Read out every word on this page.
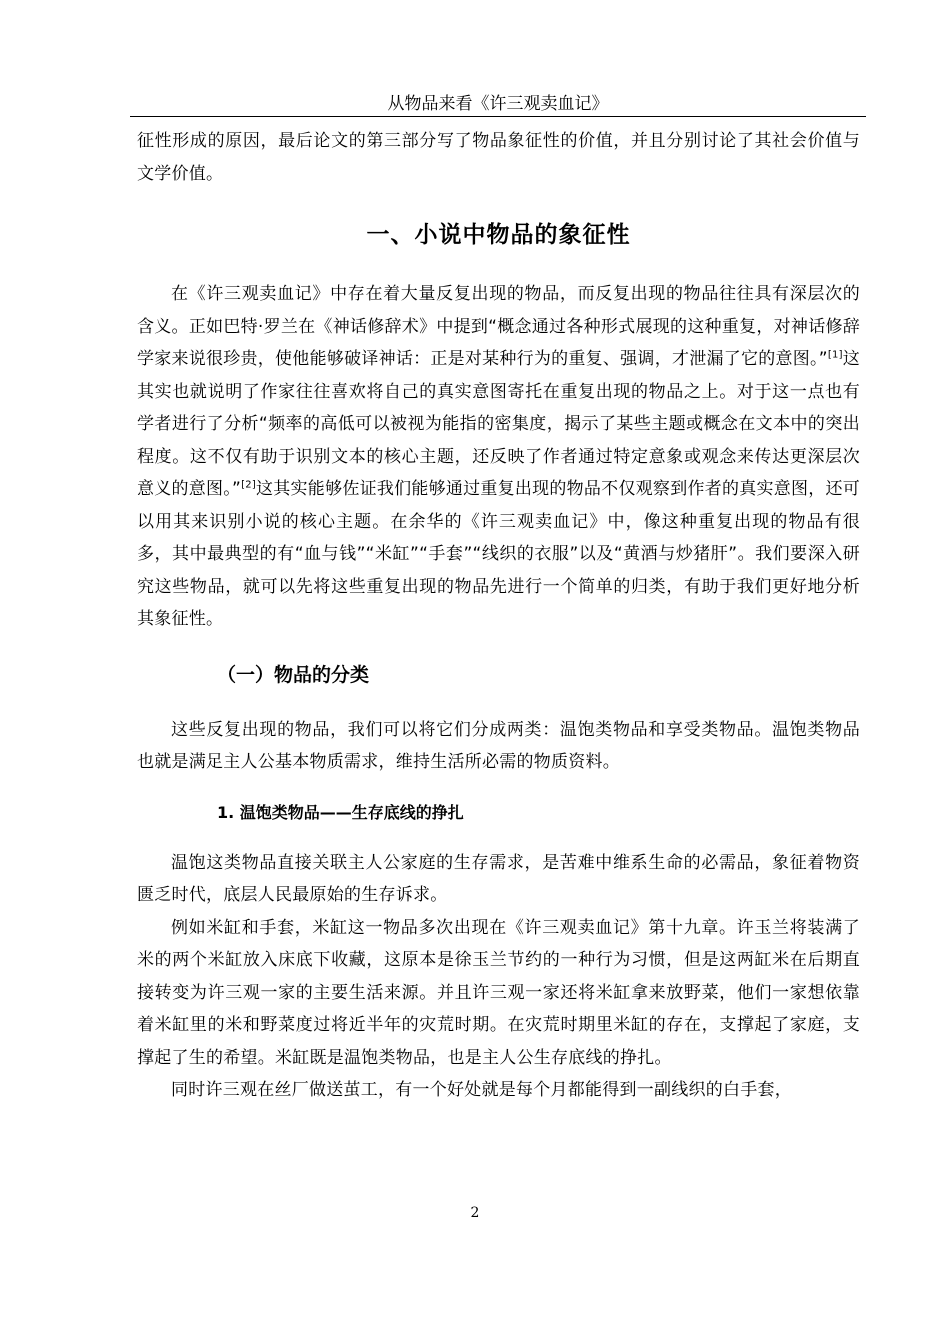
从物品来看《许三观卖血记》

征性形成的原因，最后论文的第三部分写了物品象征性的价值，并且分别讨论了其社会价值与文学价值。

一、小说中物品的象征性

在《许三观卖血记》中存在着大量反复出现的物品，而反复出现的物品往往具有深层次的含义。正如巴特·罗兰在《神话修辞术》中提到“概念通过各种形式展现的这种重复，对神话修辞学家来说很珍贵，使他能够破译神话：正是对某种行为的重复、强调，才泄漏了它的意图。”[1]这其实也就说明了作家往往喜欢将自己的真实意图寄托在重复出现的物品之上。对于这一点也有学者进行了分析“频率的高低可以被视为能指的密集度，揭示了某些主题或概念在文本中的突出程度。这不仅有助于识别文本的核心主题，还反映了作者通过特定意象或观念来传达更深层次意义的意图。”[2]这其实能够佐证我们能够通过重复出现的物品不仅观察到作者的真实意图，还可以用其来识别小说的核心主题。在余华的《许三观卖血记》中，像这种重复出现的物品有很多，其中最典型的有“血与钱”“米缸”“手套”“线织的衣服”以及“黄酒与炒猪肝”。我们要深入研究这些物品，就可以先将这些重复出现的物品先进行一个简单的归类，有助于我们更好地分析其象征性。

（一）物品的分类

这些反复出现的物品，我们可以将它们分成两类：温饱类物品和享受类物品。温饱类物品也就是满足主人公基本物质需求，维持生活所必需的物质资料。

1. 温饱类物品——生存底线的挣扎

温饱这类物品直接关联主人公家庭的生存需求，是苦难中维系生命的必需品，象征着物资匮乏时代，底层人民最原始的生存诉求。

例如米缸和手套，米缸这一物品多次出现在《许三观卖血记》第十九章。许玉兰将装满了米的两个米缸放入床底下收藏，这原本是徐玉兰节约的一种行为习惯，但是这两缸米在后期直接转变为许三观一家的主要生活来源。并且许三观一家还将米缸拿来放野菜，他们一家想依靠着米缸里的米和野菜度过将近半年的灾荒时期。在灾荒时期里米缸的存在，支撑起了家庭，支撑起了生的希望。米缸既是温饱类物品，也是主人公生存底线的挣扎。

同时许三观在丝厂做送茧工，有一个好处就是每个月都能得到一副线织的白手套，

2
